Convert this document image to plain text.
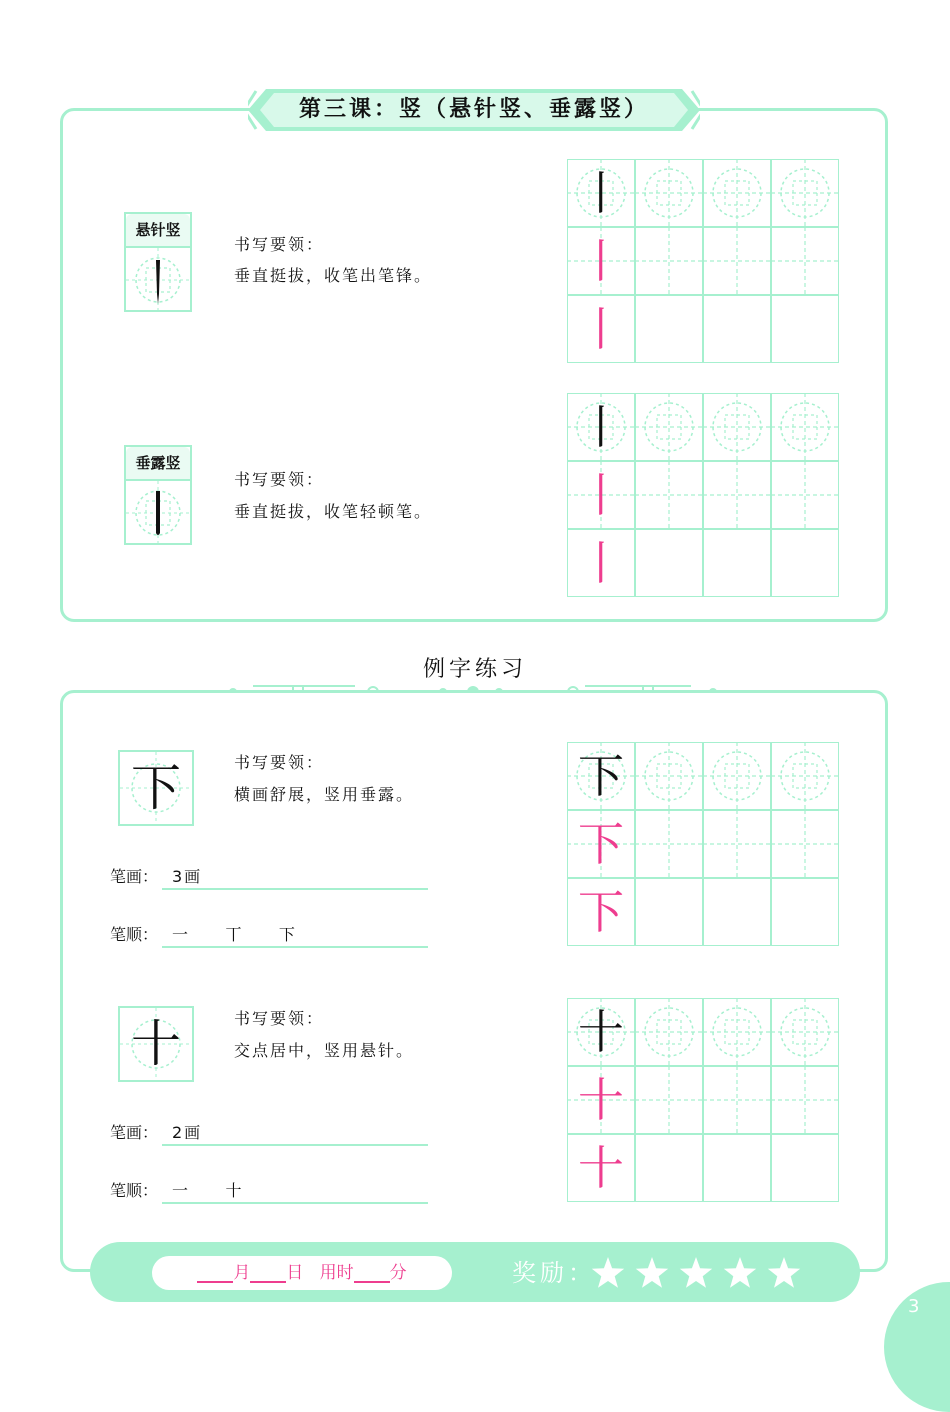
第三课：竖（悬针竖、垂露竖）
悬针竖
书写要领：
垂直挺拔，收笔出笔锋。
垂露竖
书写要领：
垂直挺拔，收笔轻顿笔。
丨
丨
丨
丨
丨
丨
例字练习
下	书写要领：
横画舒展，竖用垂露。
笔画： 3画
笔顺： 一 丅 下
下
下
下
十	书写要领：
交点居中，竖用悬针。
笔画： 2画
笔顺： 一 十
十
十
十
月 日 用时 分	奖励：
3
